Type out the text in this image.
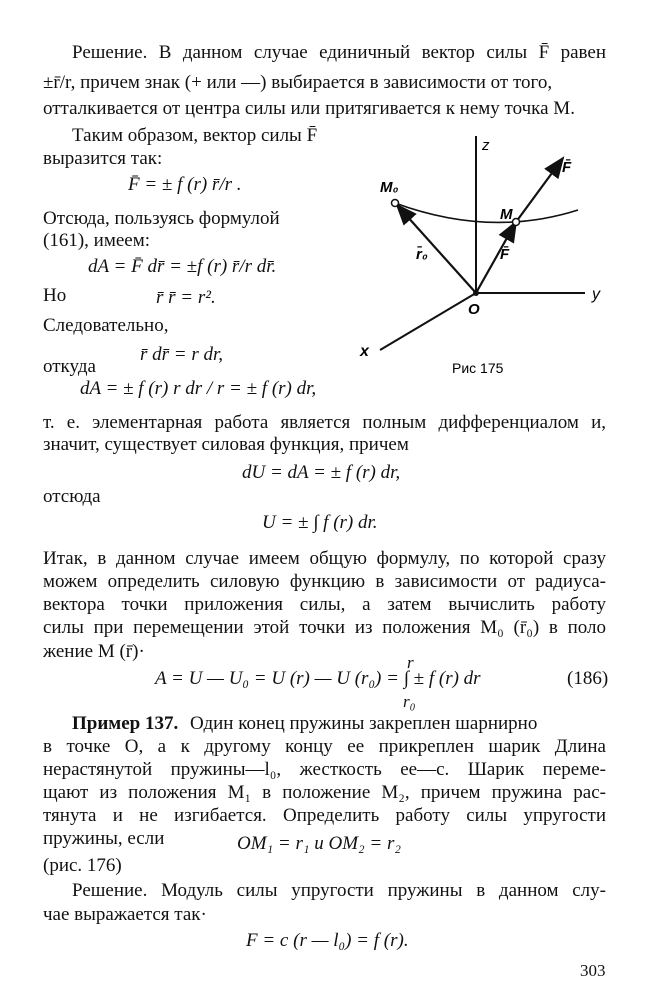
Решение. В данном случае единичный вектор силы F̄ равен
±r̄/r, причем знак (+ или —) выбирается в зависимости от того,
отталкивается от центра силы или притягивается к нему точка M.
Таким образом, вектор силы F̄
выразится так:
F̄ = ± f (r) r̄/r .
Отсюда, пользуясь формулой
(161), имеем:
dA = F̄ dr̄ = ±f (r) r̄/r dr̄.
Но	r̄ r̄ = r².
Следовательно,
r̄ dr̄ = r dr,
откуда
dA = ± f (r) r dr / r = ± f (r) dr,
z
y
x
O
M
M₀
F̄
r̄₀	F̄
Рис 175
т. е. элементарная работа является полным дифференциалом и,
значит, существует силовая функция, причем
dU = dA = ± f (r) dr,
отсюда
U = ± ∫ f (r) dr.
Итак, в данном случае имеем общую формулу, по которой сразу
можем определить силовую функцию в зависимости от радиуса-
вектора точки приложения силы, а затем вычислить работу
силы при перемещении этой точки из положения M₀ (r̄₀) в поло
жение M (r̄)·
r
A = U — U₀ = U (r) — U (r₀) = ∫ ± f (r) dr
r₀
(186)
Пример 137. Один конец пружины закреплен шарнирно
в точке O, а к другому концу ее прикреплен шарик Длина
нерастянутой пружины—l₀, жесткость ее—c. Шарик переме-
щают из положения M₁ в положение M₂, причем пружина рас-
тянута и не изгибается. Определить работу силы упругости
пружины, если	OM₁ = r₁ и OM₂ = r₂
(рис. 176)
Решение. Модуль силы упругости пружины в данном слу-
чае выражается так·
F = c (r — l₀) = f (r).
303
